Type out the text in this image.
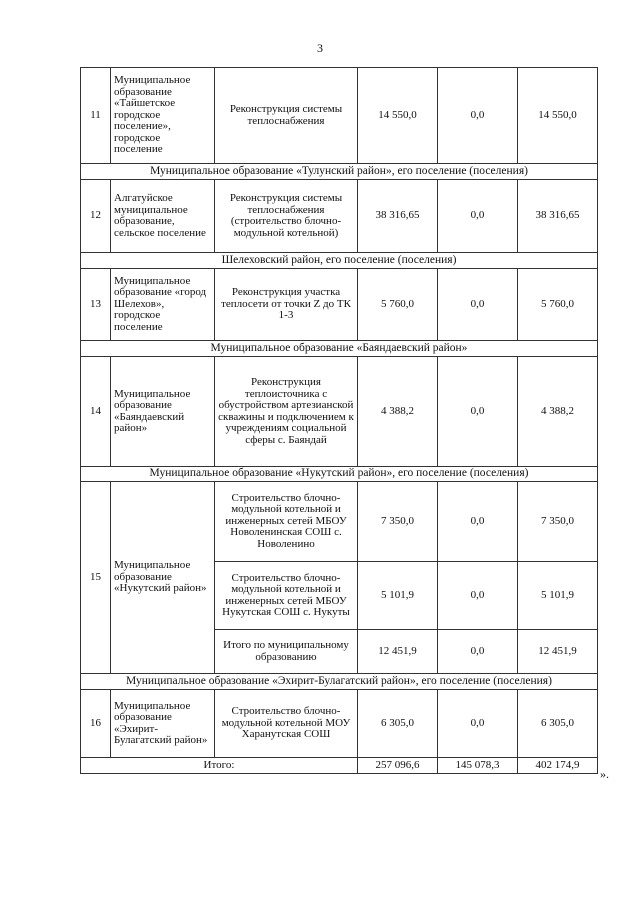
3
11	Муниципальное образование «Тайшетское городское поселение», городское поселение	Реконструкция системы теплоснабжения	14 550,0	0,0	14 550,0
Муниципальное образование «Тулунский район», его поселение (поселения)					
12	Алгатуйское муниципальное образование, сельское поселение	Реконструкция системы теплоснабжения (строительство блочно-модульной котельной)	38 316,65	0,0	38 316,65
Шелеховский район, его поселение (поселения)					
13	Муниципальное образование «город Шелехов», городское поселение	Реконструкция участка теплосети от точки Z до ТК 1-3	5 760,0	0,0	5 760,0
Муниципальное образование «Баяндаевский район»					
14	Муниципальное образование «Баяндаевский район»	Реконструкция теплоисточника с обустройством артезианской скважины и подключением к учреждениям социальной сферы с. Баяндай	4 388,2	0,0	4 388,2
Муниципальное образование «Нукутский район», его поселение (поселения)					
15	Муниципальное образование «Нукутский район»	Строительство блочно-модульной котельной и инженерных сетей МБОУ Новоленинская СОШ с. Новоленино	7 350,0	0,0	7 350,0
		Строительство блочно-модульной котельной и инженерных сетей МБОУ Нукутская СОШ с. Нукуты	5 101,9	0,0	5 101,9
		Итого по муниципальному образованию	12 451,9	0,0	12 451,9
Муниципальное образование «Эхирит-Булагатский район», его поселение (поселения)					
16	Муниципальное образование «Эхирит-Булагатский район»	Строительство блочно-модульной котельной МОУ Харанутская СОШ	6 305,0	0,0	6 305,0
Итого:			257 096,6	145 078,3	402 174,9
».
